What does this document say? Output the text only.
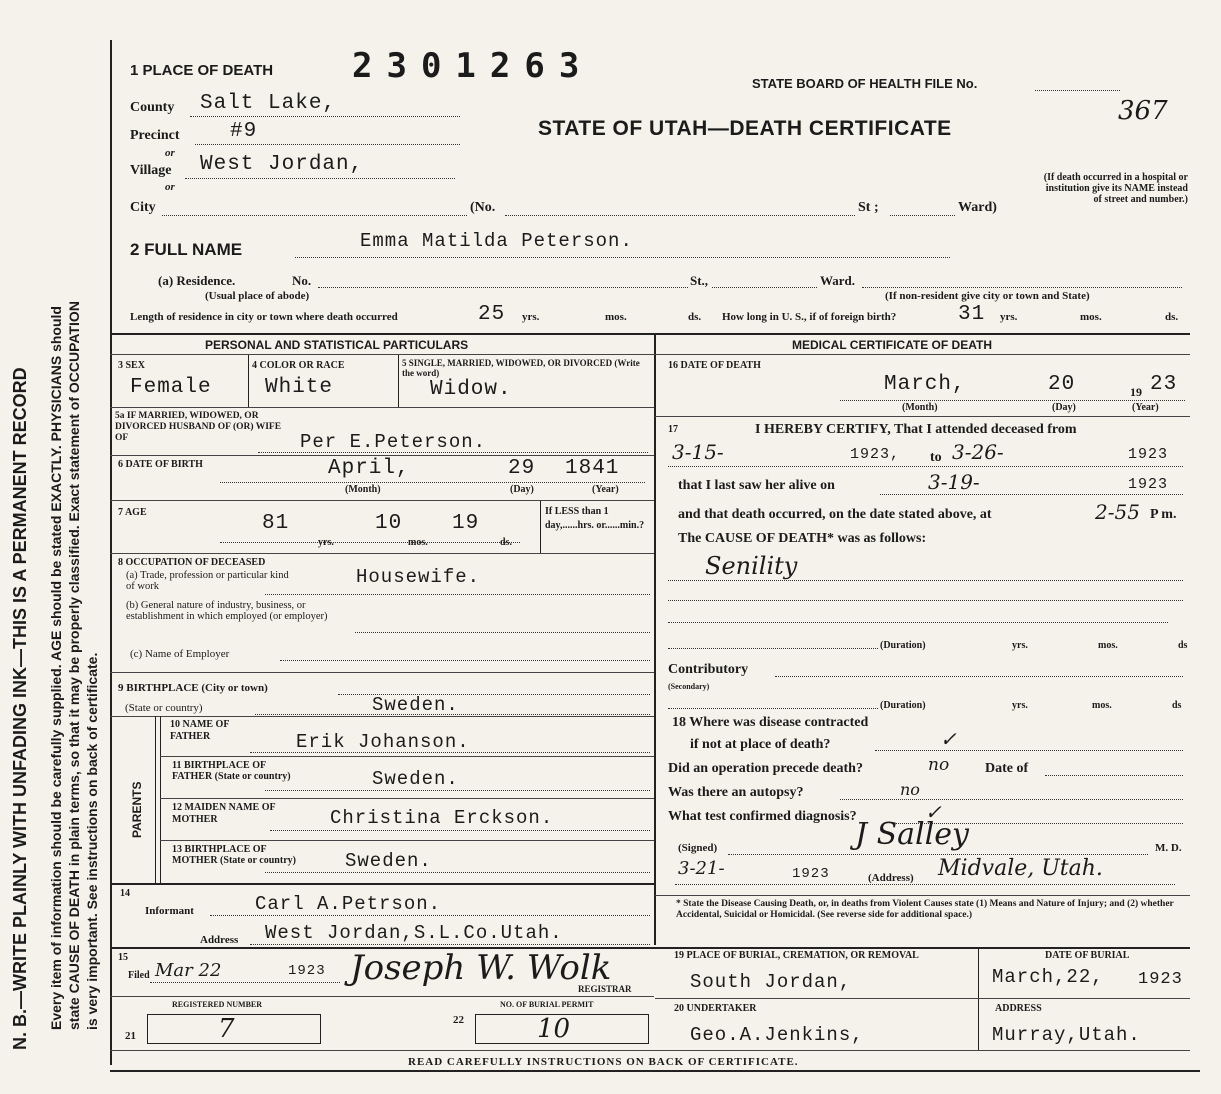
N. B.—WRITE PLAINLY WITH UNFADING INK—THIS IS A PERMANENT RECORD Every item of information should be carefully supplied. AGE should be stated EXACTLY. PHYSICIANS should state CAUSE OF DEATH in plain terms, so that it may be properly classified. Exact statement of OCCUPATION is very important. See instructions on back of certificate.
1 PLACE OF DEATH 2301263	STATE BOARD OF HEALTH FILE No.
367
County Salt Lake,
STATE OF UTAH—DEATH CERTIFICATE
Precinct #9
or
Village West Jordan,
or
City	(No.	St ;	Ward)
(If death occurred in a hospital or institution give its NAME instead of street and number.)
2 FULL NAME	Emma Matilda Peterson.
(a) Residence.	No.	St.,	Ward.
(Usual place of abode)	(If non-resident give city or town and State)
Length of residence in city or town where death occurred	25 yrs.	mos.	ds. How long in U. S., if of foreign birth?	31 yrs.	mos.	ds.
PERSONAL AND STATISTICAL PARTICULARS	MEDICAL CERTIFICATE OF DEATH
3 SEX
Female
4 COLOR OR RACE
White
5 SINGLE, MARRIED, WIDOWED, OR DIVORCED (Write the word)
Widow.
5a IF MARRIED, WIDOWED, OR DIVORCED HUSBAND OF (OR) WIFE OF	Per E.Peterson.
6 DATE OF BIRTH	April,	29 1841
(Month)	(Day)	(Year)
7 AGE	81	10 19
yrs.	mos.	ds.
If LESS than 1 day,......hrs. or......min.?
8 OCCUPATION OF DECEASED
(a) Trade, profession or particular kind of work	Housewife.
(b) General nature of industry, business, or establishment in which employed (or employer)
(c) Name of Employer
9 BIRTHPLACE (City or town)
(State or country)	Sweden.
PARENTS
10 NAME OF FATHER	Erik Johanson.
11 BIRTHPLACE OF FATHER (State or country)	Sweden.
12 MAIDEN NAME OF MOTHER	Christina Erckson.
13 BIRTHPLACE OF MOTHER (State or country)	Sweden.
14
Informant	Carl A.Petrson.
Address West Jordan,S.L.Co.Utah.
15
Filed Mar 22	1923 Joseph W. Wolk
REGISTRAR
REGISTERED NUMBER
21	7
NO. OF BURIAL PERMIT
22	10
16 DATE OF DEATH
March,	20	19 23
(Month)	(Day)	(Year)
17	I HEREBY CERTIFY, That I attended deceased from
3-15-	1923, to 3-26-	1923
that I last saw her alive on	3-19-	1923
and that death occurred, on the date stated above, at	2-55 P m.
The CAUSE OF DEATH* was as follows:
Senility
(Duration)	yrs.	mos.	ds
Contributory
(Secondary)
(Duration)	yrs.	mos.	ds
18 Where was disease contracted
if not at place of death?	✓
Did an operation precede death?	no	Date of
Was there an autopsy?	no
What test confirmed diagnosis?	✓
(Signed)	J Salley	M. D.
3-21-	1923	(Address) Midvale, Utah.
* State the Disease Causing Death, or, in deaths from Violent Causes state (1) Means and Nature of Injury; and (2) whether Accidental, Suicidal or Homicidal. (See reverse side for additional space.)
19 PLACE OF BURIAL, CREMATION, OR REMOVAL
South Jordan,
DATE OF BURIAL
March,22, 1923
20 UNDERTAKER
Geo.A.Jenkins,
ADDRESS
Murray,Utah.
READ CAREFULLY INSTRUCTIONS ON BACK OF CERTIFICATE.
